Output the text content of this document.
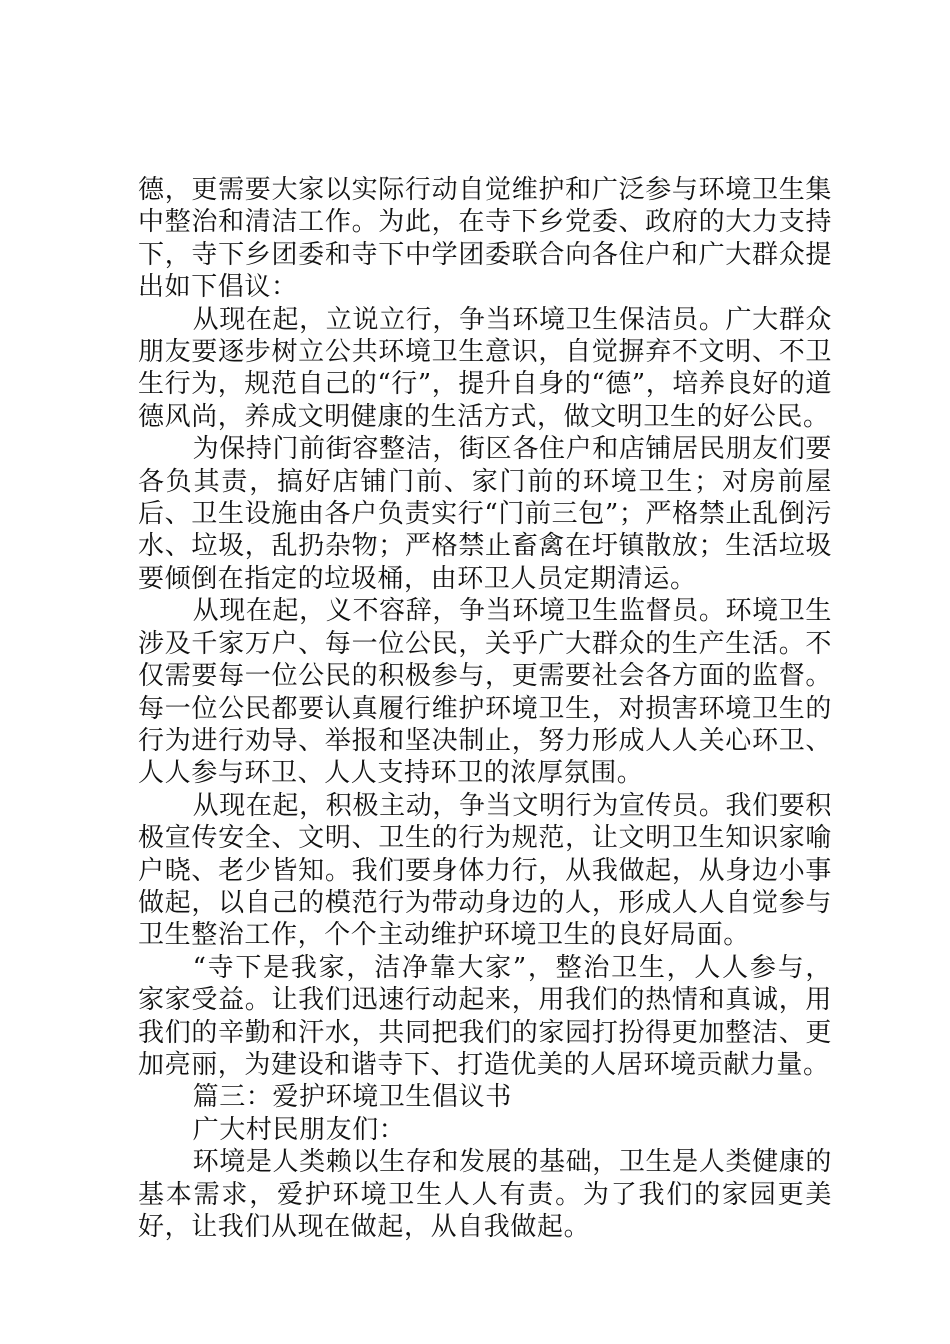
德，更需要大家以实际行动自觉维护和广泛参与环境卫生集中整治和清洁工作。为此，在寺下乡党委、政府的大力支持下，寺下乡团委和寺下中学团委联合向各住户和广大群众提出如下倡议：

从现在起，立说立行，争当环境卫生保洁员。广大群众朋友要逐步树立公共环境卫生意识，自觉摒弃不文明、不卫生行为，规范自己的“行”，提升自身的“德”，培养良好的道德风尚，养成文明健康的生活方式，做文明卫生的好公民。

为保持门前街容整洁，街区各住户和店铺居民朋友们要各负其责，搞好店铺门前、家门前的环境卫生；对房前屋后、卫生设施由各户负责实行“门前三包”；严格禁止乱倒污水、垃圾，乱扔杂物；严格禁止畜禽在圩镇散放；生活垃圾要倾倒在指定的垃圾桶，由环卫人员定期清运。

从现在起，义不容辞，争当环境卫生监督员。环境卫生涉及千家万户、每一位公民，关乎广大群众的生产生活。不仅需要每一位公民的积极参与，更需要社会各方面的监督。每一位公民都要认真履行维护环境卫生，对损害环境卫生的行为进行劝导、举报和坚决制止，努力形成人人关心环卫、人人参与环卫、人人支持环卫的浓厚氛围。

从现在起，积极主动，争当文明行为宣传员。我们要积极宣传安全、文明、卫生的行为规范，让文明卫生知识家喻户晓、老少皆知。我们要身体力行，从我做起，从身边小事做起，以自己的模范行为带动身边的人，形成人人自觉参与卫生整治工作，个个主动维护环境卫生的良好局面。

“寺下是我家，洁净靠大家”，整治卫生，人人参与，家家受益。让我们迅速行动起来，用我们的热情和真诚，用我们的辛勤和汗水，共同把我们的家园打扮得更加整洁、更加亮丽，为建设和谐寺下、打造优美的人居环境贡献力量。

篇三：爱护环境卫生倡议书

广大村民朋友们：

环境是人类赖以生存和发展的基础，卫生是人类健康的基本需求，爱护环境卫生人人有责。为了我们的家园更美好，让我们从现在做起，从自我做起。
